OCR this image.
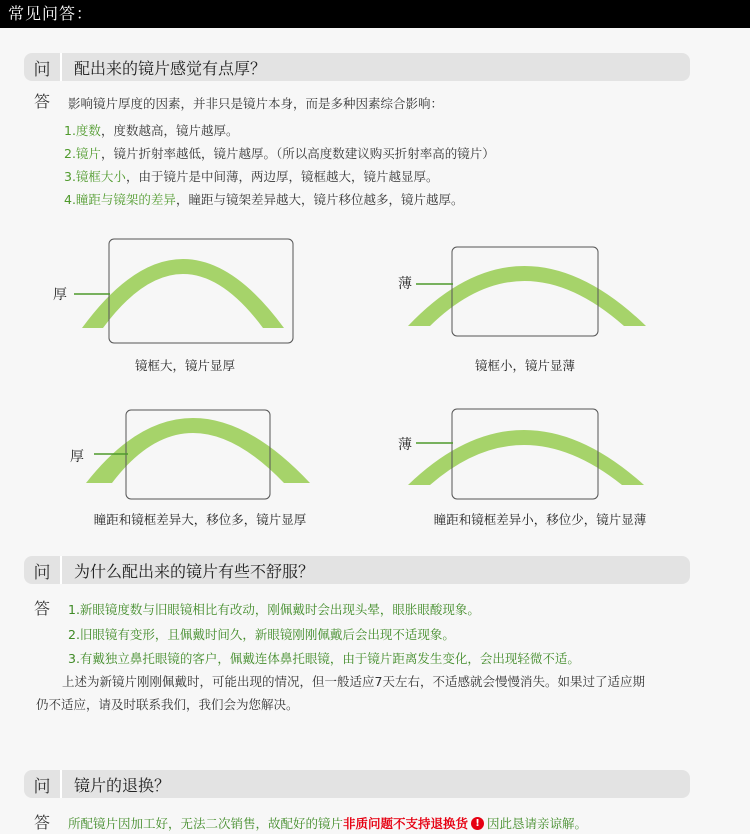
常见问答：
问	配出来的镜片感觉有点厚？
答 影响镜片厚度的因素，并非只是镜片本身，而是多种因素综合影响：
1.度数，度数越高，镜片越厚。
2.镜片，镜片折射率越低，镜片越厚。（所以高度数建议购买折射率高的镜片）
3.镜框大小，由于镜片是中间薄，两边厚，镜框越大，镜片越显厚。
4.瞳距与镜架的差异，瞳距与镜架差异越大，镜片移位越多，镜片越厚。
厚
镜框大，镜片显厚
薄
镜框小，镜片显薄
厚
瞳距和镜框差异大，移位多，镜片显厚
薄
瞳距和镜框差异小，移位少，镜片显薄
问	为什么配出来的镜片有些不舒服？
答 1.新眼镜度数与旧眼镜相比有改动，刚佩戴时会出现头晕，眼胀眼酸现象。
2.旧眼镜有变形，且佩戴时间久，新眼镜刚刚佩戴后会出现不适现象。
3.有戴独立鼻托眼镜的客户，佩戴连体鼻托眼镜，由于镜片距离发生变化，会出现轻微不适。
上述为新镜片刚刚佩戴时，可能出现的情况，但一般适应7天左右，不适感就会慢慢消失。如果过了适应期
仍不适应，请及时联系我们，我们会为您解决。
问	镜片的退换？
答 所配镜片因加工好，无法二次销售，故配好的镜片非质问题不支持退换货 ! 因此恳请亲谅解。
